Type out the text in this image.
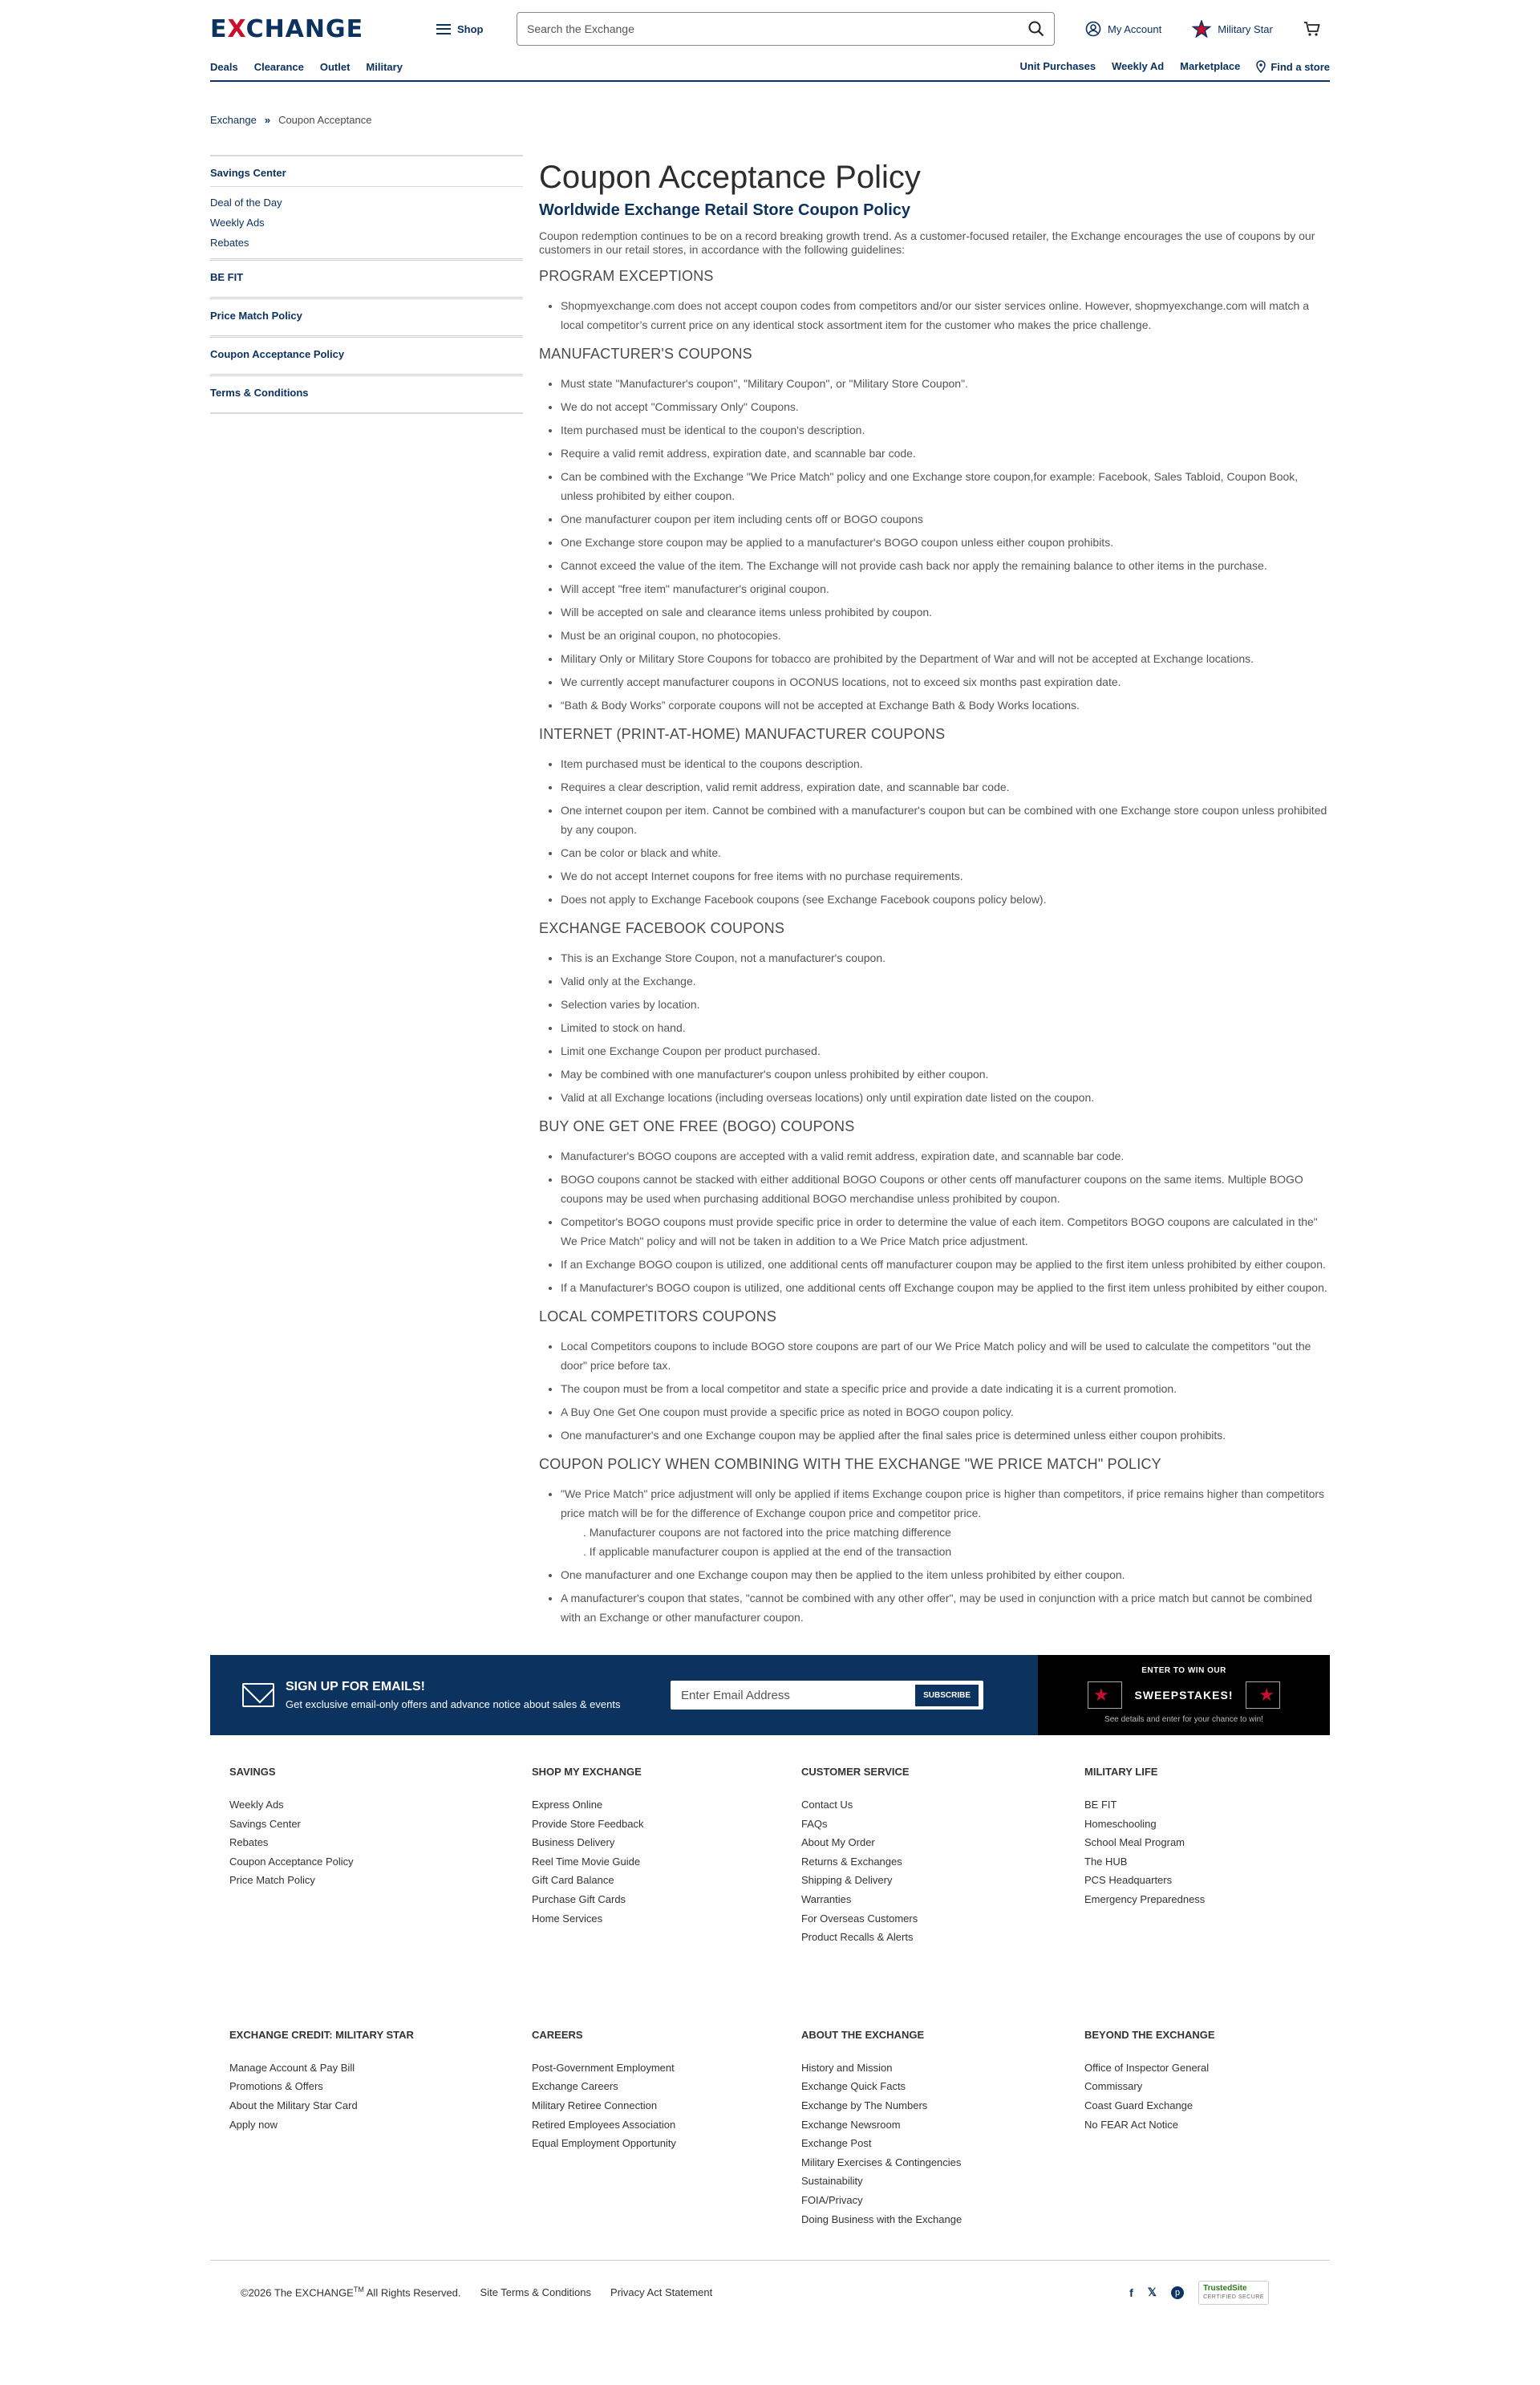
EXCHANGE	Shop
Search the Exchange	My Account	Military Star
Deals Clearance Outlet Military	Unit Purchases Weekly Ad Marketplace	Find a store
Exchange » Coupon Acceptance
Savings Center
Deal of the Day
Weekly Ads
Rebates
BE FIT
Price Match Policy
Coupon Acceptance Policy
Terms & Conditions
Coupon Acceptance Policy
Worldwide Exchange Retail Store Coupon Policy

Coupon redemption continues to be on a record breaking growth trend. As a customer-focused retailer, the Exchange encourages the use of coupons by our customers in our retail stores, in accordance with the following guidelines:

PROGRAM EXCEPTIONS
• Shopmyexchange.com does not accept coupon codes from competitors and/or our sister services online. However, shopmyexchange.com will match a local competitor’s current price on any identical stock assortment item for the customer who makes the price challenge.
MANUFACTURER'S COUPONS
• Must state "Manufacturer's coupon", "Military Coupon", or "Military Store Coupon".
• We do not accept "Commissary Only" Coupons.
• Item purchased must be identical to the coupon's description.
• Require a valid remit address, expiration date, and scannable bar code.
• Can be combined with the Exchange "We Price Match" policy and one Exchange store coupon,for example: Facebook, Sales Tabloid, Coupon Book, unless prohibited by either coupon.
• One manufacturer coupon per item including cents off or BOGO coupons
• One Exchange store coupon may be applied to a manufacturer's BOGO coupon unless either coupon prohibits.
• Cannot exceed the value of the item. The Exchange will not provide cash back nor apply the remaining balance to other items in the purchase.
• Will accept "free item" manufacturer's original coupon.
• Will be accepted on sale and clearance items unless prohibited by coupon.
• Must be an original coupon, no photocopies.
• Military Only or Military Store Coupons for tobacco are prohibited by the Department of War and will not be accepted at Exchange locations.
• We currently accept manufacturer coupons in OCONUS locations, not to exceed six months past expiration date.
• “Bath & Body Works” corporate coupons will not be accepted at Exchange Bath & Body Works locations.
INTERNET (PRINT-AT-HOME) MANUFACTURER COUPONS
• Item purchased must be identical to the coupons description.
• Requires a clear description, valid remit address, expiration date, and scannable bar code.
• One internet coupon per item. Cannot be combined with a manufacturer's coupon but can be combined with one Exchange store coupon unless prohibited by any coupon.
• Can be color or black and white.
• We do not accept Internet coupons for free items with no purchase requirements.
• Does not apply to Exchange Facebook coupons (see Exchange Facebook coupons policy below).
EXCHANGE FACEBOOK COUPONS
• This is an Exchange Store Coupon, not a manufacturer's coupon.
• Valid only at the Exchange.
• Selection varies by location.
• Limited to stock on hand.
• Limit one Exchange Coupon per product purchased.
• May be combined with one manufacturer's coupon unless prohibited by either coupon.
• Valid at all Exchange locations (including overseas locations) only until expiration date listed on the coupon.
BUY ONE GET ONE FREE (BOGO) COUPONS
• Manufacturer's BOGO coupons are accepted with a valid remit address, expiration date, and scannable bar code.
• BOGO coupons cannot be stacked with either additional BOGO Coupons or other cents off manufacturer coupons on the same items. Multiple BOGO coupons may be used when purchasing additional BOGO merchandise unless prohibited by coupon.
• Competitor's BOGO coupons must provide specific price in order to determine the value of each item. Competitors BOGO coupons are calculated in the" We Price Match" policy and will not be taken in addition to a We Price Match price adjustment.
• If an Exchange BOGO coupon is utilized, one additional cents off manufacturer coupon may be applied to the first item unless prohibited by either coupon.
• If a Manufacturer's BOGO coupon is utilized, one additional cents off Exchange coupon may be applied to the first item unless prohibited by either coupon.
LOCAL COMPETITORS COUPONS
• Local Competitors coupons to include BOGO store coupons are part of our We Price Match policy and will be used to calculate the competitors "out the door" price before tax.
• The coupon must be from a local competitor and state a specific price and provide a date indicating it is a current promotion.
• A Buy One Get One coupon must provide a specific price as noted in BOGO coupon policy.
• One manufacturer's and one Exchange coupon may be applied after the final sales price is determined unless either coupon prohibits.
COUPON POLICY WHEN COMBINING WITH THE EXCHANGE "WE PRICE MATCH" POLICY
• "We Price Match" price adjustment will only be applied if items Exchange coupon price is higher than competitors, if price remains higher than competitors price match will be for the difference of Exchange coupon price and competitor price.
. Manufacturer coupons are not factored into the price matching difference
. If applicable manufacturer coupon is applied at the end of the transaction
• One manufacturer and one Exchange coupon may then be applied to the item unless prohibited by either coupon.
• A manufacturer's coupon that states, "cannot be combined with any other offer", may be used in conjunction with a price match but cannot be combined with an Exchange or other manufacturer coupon.
SIGN UP FOR EMAILS!
Get exclusive email-only offers and advance notice about sales & events
Enter Email Address
SUBSCRIBE
ENTER TO WIN OUR
★	SWEEPSTAKES!	★
See details and enter for your chance to win!
SAVINGS
Weekly Ads
Savings Center
Rebates
Coupon Acceptance Policy
Price Match Policy
SHOP MY EXCHANGE
Express Online
Provide Store Feedback
Business Delivery
Reel Time Movie Guide
Gift Card Balance
Purchase Gift Cards
Home Services
CUSTOMER SERVICE
Contact Us
FAQs
About My Order
Returns & Exchanges
Shipping & Delivery
Warranties
For Overseas Customers
Product Recalls & Alerts
MILITARY LIFE
BE FIT
Homeschooling
School Meal Program
The HUB
PCS Headquarters
Emergency Preparedness
EXCHANGE CREDIT: MILITARY STAR
Manage Account & Pay Bill
Promotions & Offers
About the Military Star Card
Apply now
CAREERS
Post-Government Employment
Exchange Careers
Military Retiree Connection
Retired Employees Association
Equal Employment Opportunity
ABOUT THE EXCHANGE
History and Mission
Exchange Quick Facts
Exchange by The Numbers
Exchange Newsroom
Exchange Post
Military Exercises & Contingencies
Sustainability
FOIA/Privacy
Doing Business with the Exchange
BEYOND THE EXCHANGE
Office of Inspector General
Commissary
Coast Guard Exchange
No FEAR Act Notice
©2026 The EXCHANGE™ All Rights Reserved. Site Terms & Conditions Privacy Act Statement	f 𝕏	p	TrustedSite
CERTIFIED SECURE
